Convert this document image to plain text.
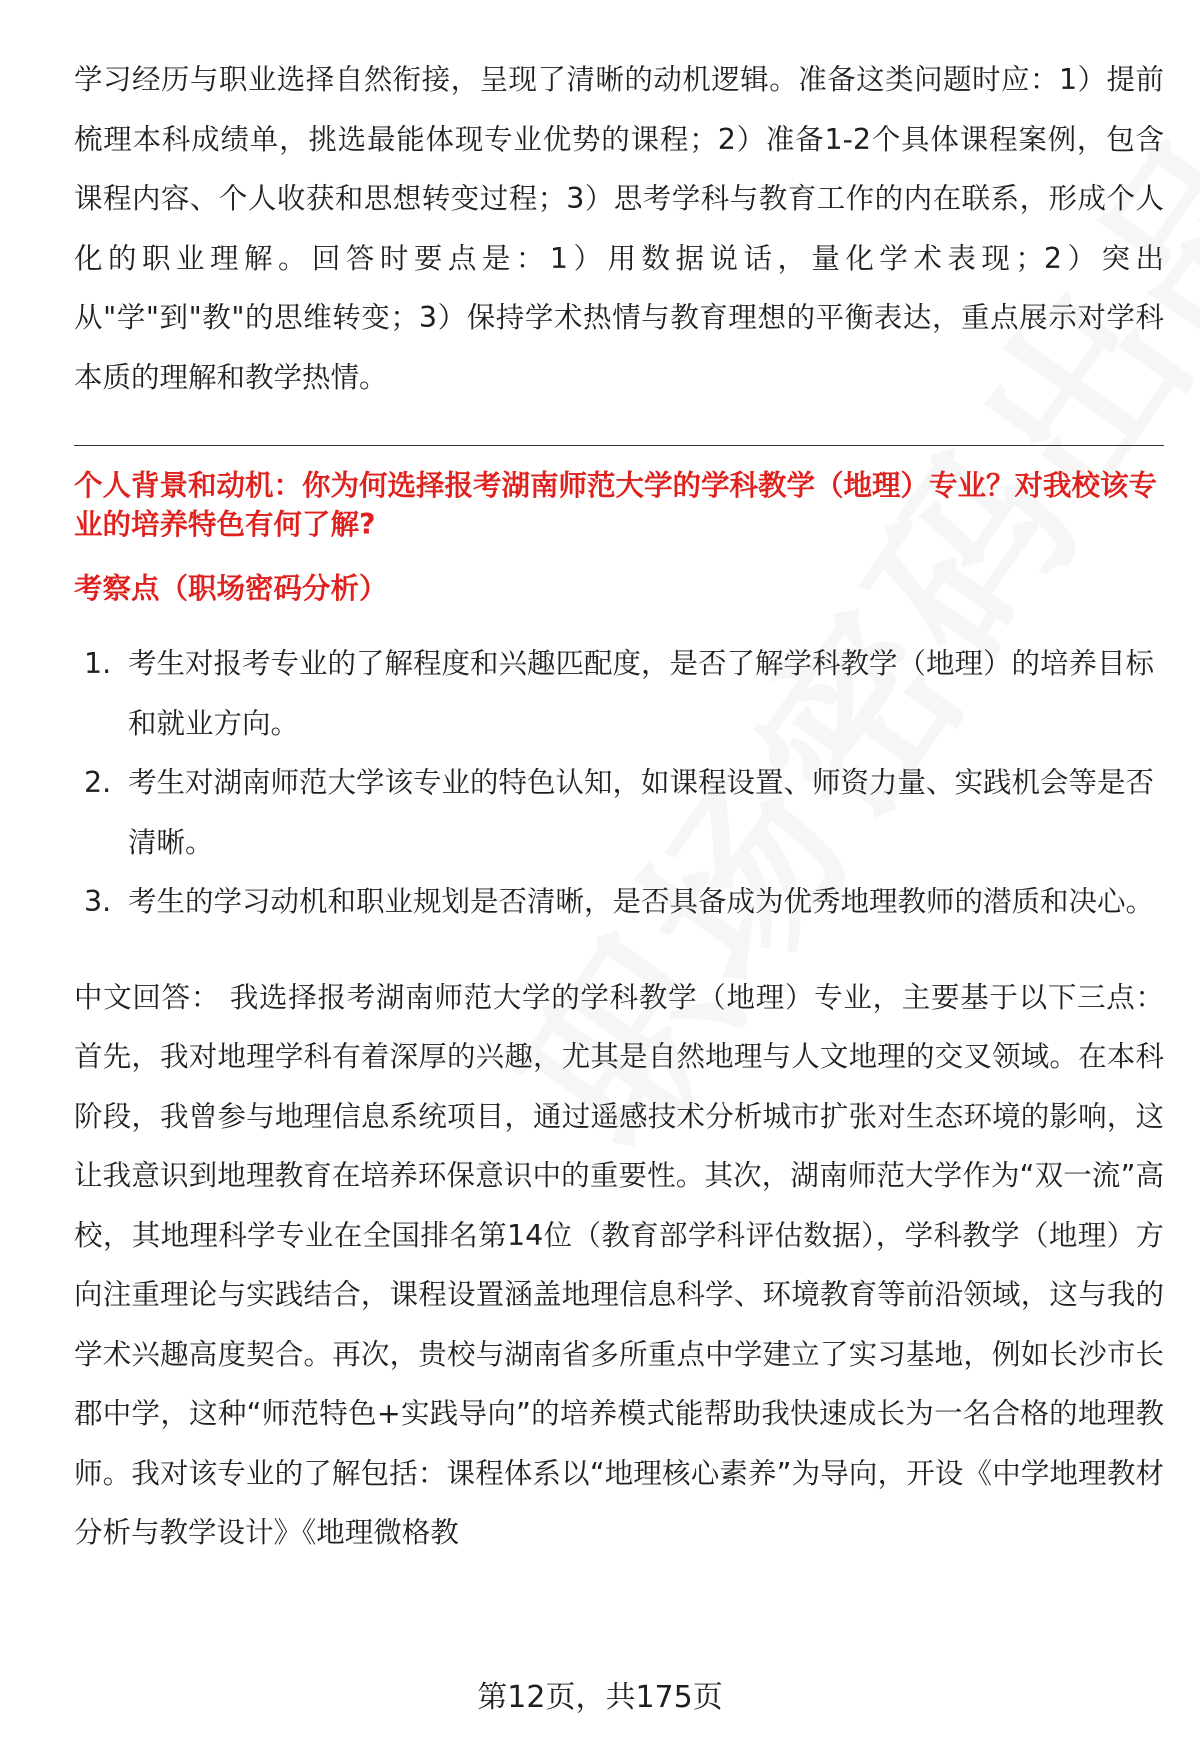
学习经历与职业选择自然衔接，呈现了清晰的动机逻辑。准备这类问题时应：1）提前梳理本科成绩单，挑选最能体现专业优势的课程；2）准备1-2个具体课程案例，包含课程内容、个人收获和思想转变过程；3）思考学科与教育工作的内在联系，形成个人化的职业理解。回答时要点是：1）用数据说话，量化学术表现；2）突出从"学"到"教"的思维转变；3）保持学术热情与教育理想的平衡表达，重点展示对学科本质的理解和教学热情。

个人背景和动机：你为何选择报考湖南师范大学的学科教学（地理）专业？对我校该专业的培养特色有何了解?
考察点（职场密码分析）
1. 考生对报考专业的了解程度和兴趣匹配度，是否了解学科教学（地理）的培养目标和就业方向。
2. 考生对湖南师范大学该专业的特色认知，如课程设置、师资力量、实践机会等是否清晰。
3. 考生的学习动机和职业规划是否清晰，是否具备成为优秀地理教师的潜质和决心。

中文回答： 我选择报考湖南师范大学的学科教学（地理）专业，主要基于以下三点：首先，我对地理学科有着深厚的兴趣，尤其是自然地理与人文地理的交叉领域。在本科阶段，我曾参与地理信息系统项目，通过遥感技术分析城市扩张对生态环境的影响，这让我意识到地理教育在培养环保意识中的重要性。其次，湖南师范大学作为“双一流”高校，其地理科学专业在全国排名第14位（教育部学科评估数据），学科教学（地理）方向注重理论与实践结合，课程设置涵盖地理信息科学、环境教育等前沿领域，这与我的学术兴趣高度契合。再次，贵校与湖南省多所重点中学建立了实习基地，例如长沙市长郡中学，这种“师范特色+实践导向”的培养模式能帮助我快速成长为一名合格的地理教师。我对该专业的了解包括：课程体系以“地理核心素养”为导向，开设《中学地理教材分析与教学设计》《地理微格教

第12页，共175页
